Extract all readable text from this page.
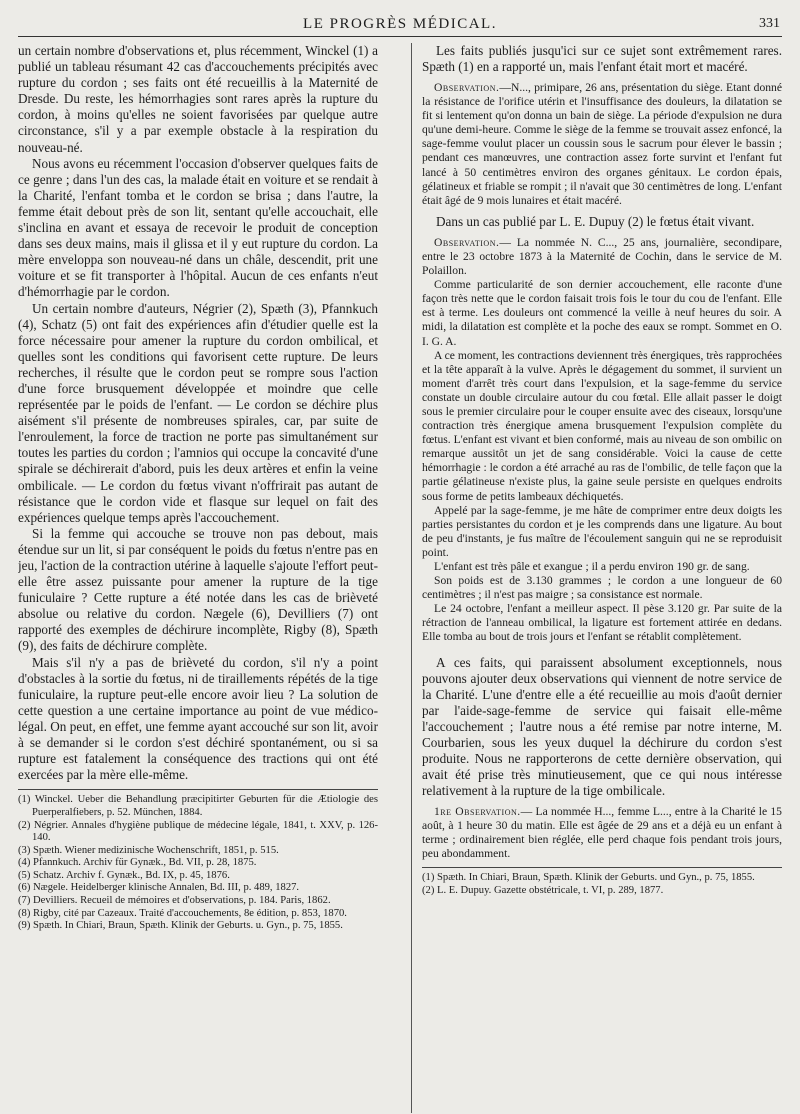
LE PROGRÈS MÉDICAL.	331

un certain nombre d'observations et, plus récemment, Winckel (1) a publié un tableau résumant 42 cas d'accouchements précipités avec rupture du cordon ; ses faits ont été recueillis à la Maternité de Dresde. Du reste, les hémorrhagies sont rares après la rupture du cordon, à moins qu'elles ne soient favorisées par quelque autre circonstance, s'il y a par exemple obstacle à la respiration du nouveau-né.

Nous avons eu récemment l'occasion d'observer quelques faits de ce genre ; dans l'un des cas, la malade était en voiture et se rendait à la Charité, l'enfant tomba et le cordon se brisa ; dans l'autre, la femme était debout près de son lit, sentant qu'elle accouchait, elle s'inclina en avant et essaya de recevoir le produit de conception dans ses deux mains, mais il glissa et il y eut rupture du cordon. La mère enveloppa son nouveau-né dans un châle, descendit, prit une voiture et se fit transporter à l'hôpital. Aucun de ces enfants n'eut d'hémorrhagie par le cordon.

Un certain nombre d'auteurs, Négrier (2), Spæth (3), Pfannkuch (4), Schatz (5) ont fait des expériences afin d'étudier quelle est la force nécessaire pour amener la rupture du cordon ombilical, et quelles sont les conditions qui favorisent cette rupture. De leurs recherches, il résulte que le cordon peut se rompre sous l'action d'une force brusquement développée et moindre que celle représentée par le poids de l'enfant. — Le cordon se déchire plus aisément s'il présente de nombreuses spirales, car, par suite de l'enroulement, la force de traction ne porte pas simultanément sur toutes les parties du cordon ; l'amnios qui occupe la concavité d'une spirale se déchirerait d'abord, puis les deux artères et enfin la veine ombilicale. — Le cordon du fœtus vivant n'offrirait pas autant de résistance que le cordon vide et flasque sur lequel on fait des expériences quelque temps après l'accouchement.

Si la femme qui accouche se trouve non pas debout, mais étendue sur un lit, si par conséquent le poids du fœtus n'entre pas en jeu, l'action de la contraction utérine à laquelle s'ajoute l'effort peut-elle être assez puissante pour amener la rupture de la tige funiculaire ? Cette rupture a été notée dans les cas de brièveté absolue ou relative du cordon. Nægele (6), Devilliers (7) ont rapporté des exemples de déchirure incomplète, Rigby (8), Spæth (9), des faits de déchirure complète.

Mais s'il n'y a pas de brièveté du cordon, s'il n'y a point d'obstacles à la sortie du fœtus, ni de tiraillements répétés de la tige funiculaire, la rupture peut-elle encore avoir lieu ? La solution de cette question a une certaine importance au point de vue médico-légal. On peut, en effet, une femme ayant accouché sur son lit, avoir à se demander si le cordon s'est déchiré spontanément, ou si sa rupture est fatalement la conséquence des tractions qui ont été exercées par la mère elle-même.

(1) Winckel. Ueber die Behandlung præcipitirter Geburten für die Ætiologie des Puerperalfiebers, p. 52. München, 1884.

(2) Négrier. Annales d'hygiène publique de médecine légale, 1841, t. XXV, p. 126-140.

(3) Spæth. Wiener medizinische Wochenschrift, 1851, p. 515.

(4) Pfannkuch. Archiv für Gynæk., Bd. VII, p. 28, 1875.

(5) Schatz. Archiv f. Gynæk., Bd. IX, p. 45, 1876.

(6) Nægele. Heidelberger klinische Annalen, Bd. III, p. 489, 1827.

(7) Devilliers. Recueil de mémoires et d'observations, p. 184. Paris, 1862.

(8) Rigby, cité par Cazeaux. Traité d'accouchements, 8e édition, p. 853, 1870.

(9) Spæth. In Chiari, Braun, Spæth. Klinik der Geburts. u. Gyn., p. 75, 1855.

Les faits publiés jusqu'ici sur ce sujet sont extrêmement rares. Spæth (1) en a rapporté un, mais l'enfant était mort et macéré.

Observation.—N..., primipare, 26 ans, présentation du siège. Etant donné la résistance de l'orifice utérin et l'insuffisance des douleurs, la dilatation se fit si lentement qu'on donna un bain de siège. La période d'expulsion ne dura qu'une demi-heure. Comme le siège de la femme se trouvait assez enfoncé, la sage-femme voulut placer un coussin sous le sacrum pour élever le bassin ; pendant ces manœuvres, une contraction assez forte survint et l'enfant fut lancé à 50 centimètres environ des organes génitaux. Le cordon épais, gélatineux et friable se rompit ; il n'avait que 30 centimètres de long. L'enfant était âgé de 9 mois lunaires et était macéré.

Dans un cas publié par L. E. Dupuy (2) le fœtus était vivant.

Observation.— La nommée N. C..., 25 ans, journalière, secondipare, entre le 23 octobre 1873 à la Maternité de Cochin, dans le service de M. Polaillon.

Comme particularité de son dernier accouchement, elle raconte d'une façon très nette que le cordon faisait trois fois le tour du cou de l'enfant. Elle est à terme. Les douleurs ont commencé la veille à neuf heures du soir. A midi, la dilatation est complète et la poche des eaux se rompt. Sommet en O. I. G. A.

A ce moment, les contractions deviennent très énergiques, très rapprochées et la tête apparaît à la vulve. Après le dégagement du sommet, il survient un moment d'arrêt très court dans l'expulsion, et la sage-femme du service constate un double circulaire autour du cou fœtal. Elle allait passer le doigt sous le premier circulaire pour le couper ensuite avec des ciseaux, lorsqu'une contraction très énergique amena brusquement l'expulsion complète du fœtus. L'enfant est vivant et bien conformé, mais au niveau de son ombilic on remarque aussitôt un jet de sang considérable. Voici la cause de cette hémorrhagie : le cordon a été arraché au ras de l'ombilic, de telle façon que la partie gélatineuse n'existe plus, la gaine seule persiste en quelques endroits sous forme de petits lambeaux déchiquetés.

Appelé par la sage-femme, je me hâte de comprimer entre deux doigts les parties persistantes du cordon et je les comprends dans une ligature. Au bout de peu d'instants, je fus maître de l'écoulement sanguin qui ne se reproduisit point.

L'enfant est très pâle et exangue ; il a perdu environ 190 gr. de sang.

Son poids est de 3.130 grammes ; le cordon a une longueur de 60 centimètres ; il n'est pas maigre ; sa consistance est normale.

Le 24 octobre, l'enfant a meilleur aspect. Il pèse 3.120 gr. Par suite de la rétraction de l'anneau ombilical, la ligature est fortement attirée en dedans. Elle tomba au bout de trois jours et l'enfant se rétablit complètement.

A ces faits, qui paraissent absolument exceptionnels, nous pouvons ajouter deux observations qui viennent de notre service de la Charité. L'une d'entre elle a été recueillie au mois d'août dernier par l'aide-sage-femme de service qui faisait elle-même l'accouchement ; l'autre nous a été remise par notre interne, M. Courbarien, sous les yeux duquel la déchirure du cordon s'est produite. Nous ne rapporterons de cette dernière observation, qui avait été prise très minutieusement, que ce qui nous intéresse relativement à la rupture de la tige ombilicale.

1re Observation.— La nommée H..., femme L..., entre à la Charité le 15 août, à 1 heure 30 du matin. Elle est âgée de 29 ans et a déjà eu un enfant à terme ; ordinairement bien réglée, elle perd chaque fois pendant trois jours, peu abondamment.

(1) Spæth. In Chiari, Braun, Spæth. Klinik der Geburts. und Gyn., p. 75, 1855.

(2) L. E. Dupuy. Gazette obstétricale, t. VI, p. 289, 1877.
